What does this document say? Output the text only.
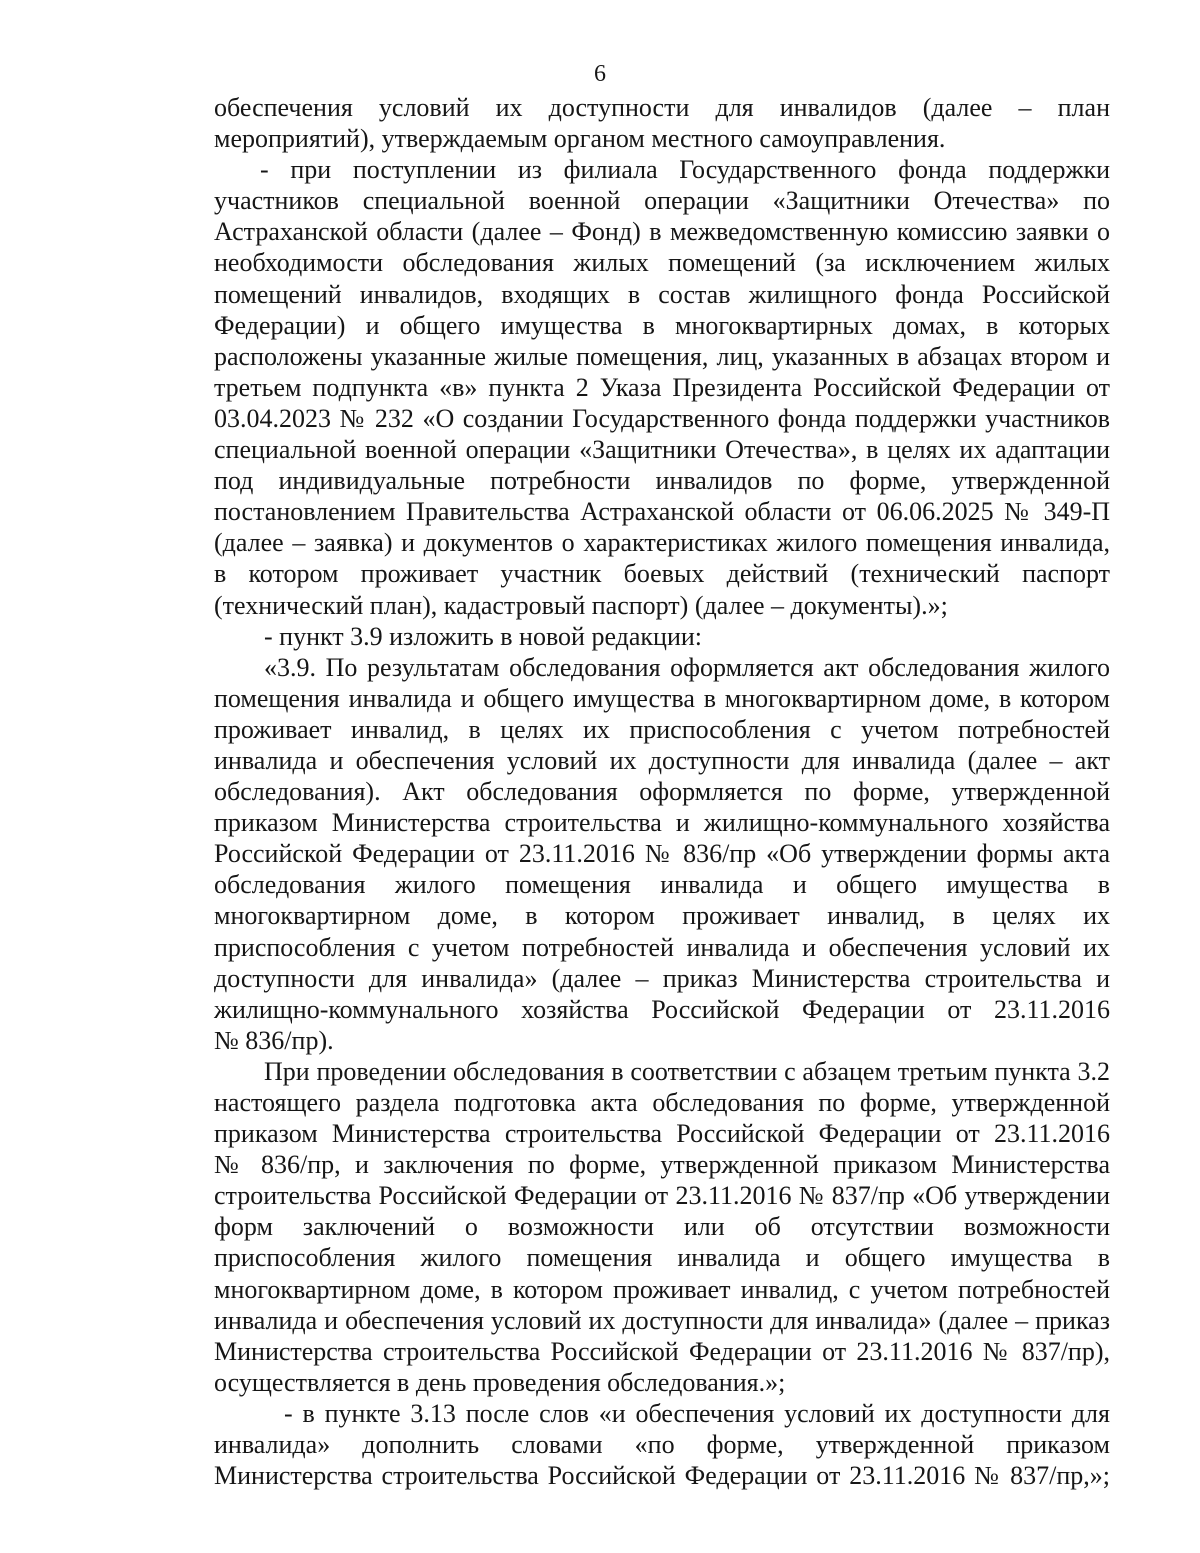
6
обеспечения условий их доступности для инвалидов (далее – план
мероприятий), утверждаемым органом местного самоуправления.
- при поступлении из филиала Государственного фонда поддержки
участников специальной военной операции «Защитники Отечества» по
Астраханской области (далее – Фонд) в межведомственную комиссию заявки о
необходимости обследования жилых помещений (за исключением жилых
помещений инвалидов, входящих в состав жилищного фонда Российской
Федерации) и общего имущества в многоквартирных домах, в которых
расположены указанные жилые помещения, лиц, указанных в абзацах втором и
третьем подпункта «в» пункта 2 Указа Президента Российской Федерации от
03.04.2023 № 232 «О создании Государственного фонда поддержки участников
специальной военной операции «Защитники Отечества», в целях их адаптации
под индивидуальные потребности инвалидов по форме, утвержденной
постановлением Правительства Астраханской области от 06.06.2025 № 349-П
(далее – заявка) и документов о характеристиках жилого помещения инвалида,
в котором проживает участник боевых действий (технический паспорт
(технический план), кадастровый паспорт) (далее – документы).»;
- пункт 3.9 изложить в новой редакции:
«3.9. По результатам обследования оформляется акт обследования жилого
помещения инвалида и общего имущества в многоквартирном доме, в котором
проживает инвалид, в целях их приспособления с учетом потребностей
инвалида и обеспечения условий их доступности для инвалида (далее – акт
обследования). Акт обследования оформляется по форме, утвержденной
приказом Министерства строительства и жилищно-коммунального хозяйства
Российской Федерации от 23.11.2016 № 836/пр «Об утверждении формы акта
обследования жилого помещения инвалида и общего имущества в
многоквартирном доме, в котором проживает инвалид, в целях их
приспособления с учетом потребностей инвалида и обеспечения условий их
доступности для инвалида» (далее – приказ Министерства строительства и
жилищно-коммунального хозяйства Российской Федерации от 23.11.2016
№ 836/пр).
При проведении обследования в соответствии с абзацем третьим пункта 3.2
настоящего раздела подготовка акта обследования по форме, утвержденной
приказом Министерства строительства Российской Федерации от 23.11.2016
№ 836/пр, и заключения по форме, утвержденной приказом Министерства
строительства Российской Федерации от 23.11.2016 № 837/пр «Об утверждении
форм заключений о возможности или об отсутствии возможности
приспособления жилого помещения инвалида и общего имущества в
многоквартирном доме, в котором проживает инвалид, с учетом потребностей
инвалида и обеспечения условий их доступности для инвалида» (далее – приказ
Министерства строительства Российской Федерации от 23.11.2016 № 837/пр),
осуществляется в день проведения обследования.»;
- в пункте 3.13 после слов «и обеспечения условий их доступности для
инвалида» дополнить словами «по форме, утвержденной приказом
Министерства строительства Российской Федерации от 23.11.2016 № 837/пр,»;
